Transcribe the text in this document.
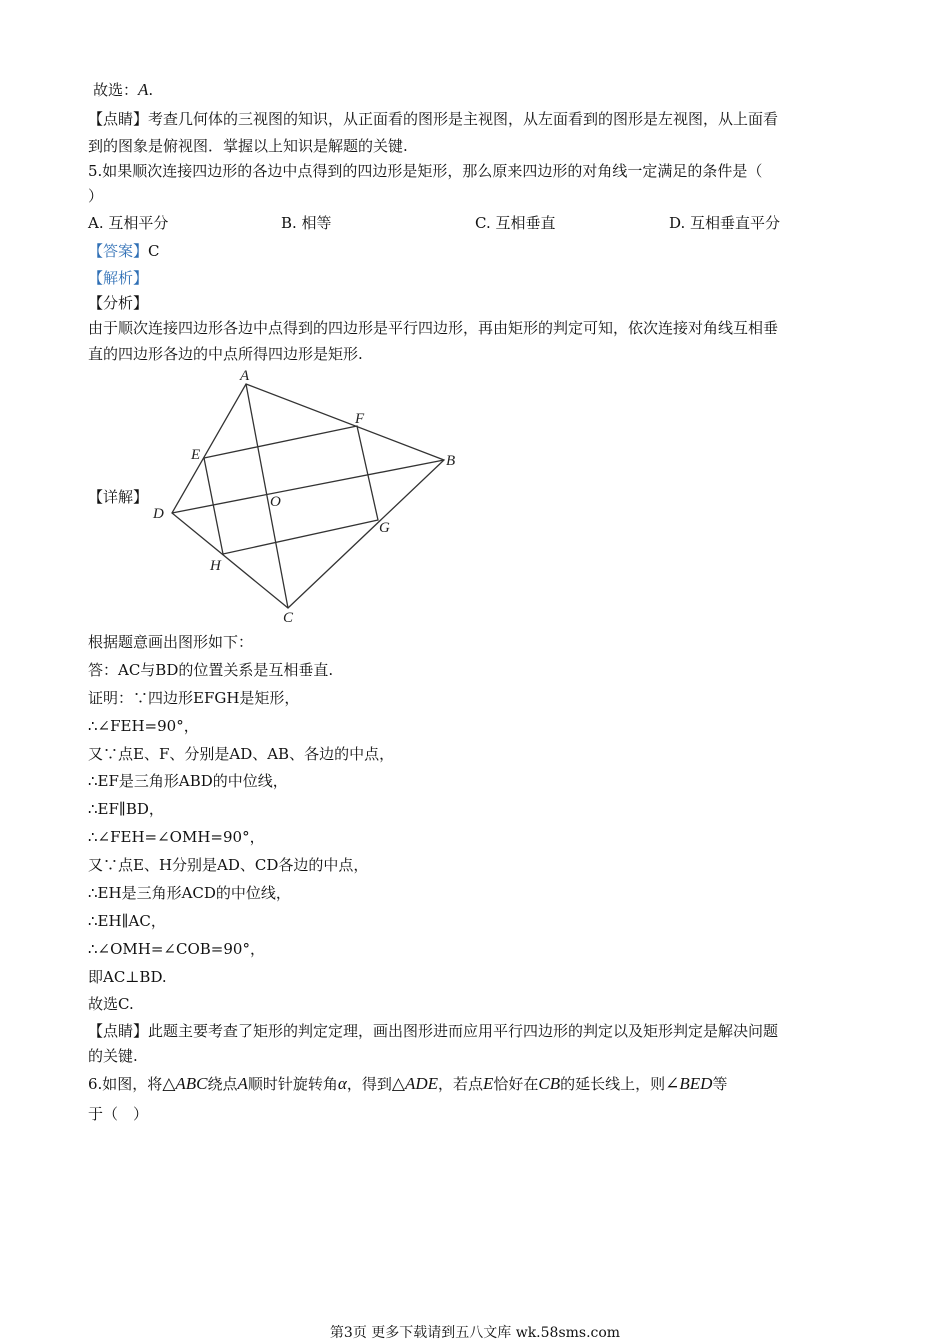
故选：A.
【点睛】考查几何体的三视图的知识，从正面看的图形是主视图，从左面看到的图形是左视图，从上面看
到的图象是俯视图．掌握以上知识是解题的关键.
5.如果顺次连接四边形的各边中点得到的四边形是矩形，那么原来四边形的对角线一定满足的条件是（
）
A. 互相平分	B. 相等	C. 互相垂直	D. 互相垂直平分
【答案】C
【解析】
【分析】
由于顺次连接四边形各边中点得到的四边形是平行四边形，再由矩形的判定可知，依次连接对角线互相垂
直的四边形各边的中点所得四边形是矩形.
【详解】
A
B
C
D
E
F
G
H
O
根据题意画出图形如下：
答：AC与BD的位置关系是互相垂直.
证明：∵四边形EFGH是矩形，
∴∠FEH=90°，
又∵点E、F、分别是AD、AB、各边的中点，
∴EF是三角形ABD的中位线，
∴EF∥BD，
∴∠FEH=∠OMH=90°，
又∵点E、H分别是AD、CD各边的中点，
∴EH是三角形ACD的中位线，
∴EH∥AC，
∴∠OMH=∠COB=90°，
即AC⊥BD.
故选C.
【点睛】此题主要考查了矩形的判定定理，画出图形进而应用平行四边形的判定以及矩形判定是解决问题
的关键.
6.如图，将△ABC绕点A顺时针旋转角α，得到△ADE，若点E恰好在CB的延长线上，则∠BED等
于（　）
第3页 更多下载请到五八文库 wk.58sms.com
